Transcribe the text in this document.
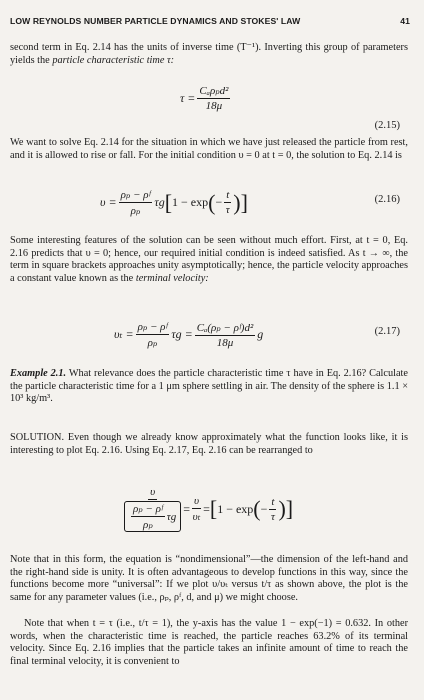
LOW REYNOLDS NUMBER PARTICLE DYNAMICS AND STOKES' LAW	41
second term in Eq. 2.14 has the units of inverse time (T⁻¹). Inverting this group of parameters yields the particle characteristic time τ:
$\tau = \frac{\text{Cₐρₚd²}}{18\mu}$
(2.15)
We want to solve Eq. 2.14 for the situation in which we have just released the particle from rest, and it is allowed to rise or fall. For the initial condition υ = 0 at t = 0, the solution to Eq. 2.14 is
$\upsilon = \frac{\text{ρₚ − ρᶠ}}{\text{ρₚ}}$ τg [ 1 − exp ( − $\frac{t}{\tau}$ ) ]	(2.16)
Some interesting features of the solution can be seen without much effort. First, at t = 0, Eq. 2.16 predicts that υ = 0; hence, our required initial condition is indeed satisfied. As t → ∞, the term in square brackets approaches unity asymptotically; hence, the particle velocity approaches a constant value known as the terminal velocity:
$\upsilon_t = \frac{\text{ρₚ − ρᶠ}}{\text{ρₚ}}$ $\tau g = \frac{\text{Cₐ(ρₚ − ρᶠ)d²}}{18\mu}$ g	(2.17)
Example 2.1. What relevance does the particle characteristic time τ have in Eq. 2.16? Calculate the particle characteristic time for a 1 μm sphere settling in air. The density of the sphere is 1.1 × 10³ kg/m³.
SOLUTION. Even though we already know approximately what the function looks like, it is interesting to plot Eq. 2.16. Using Eq. 2.17, Eq. 2.16 can be rearranged to
$\frac{\upsilon}{\frac{\text{ρₚ − ρᶠ}}{\text{ρₚ}} \tau g} = \frac{\upsilon}{\text{υₜ}}$ = [ 1 − exp ( − $\frac{t}{\tau}$ ) ]
Note that in this form, the equation is “nondimensional”—the dimension of the left-hand and the right-hand side is unity. It is often advantageous to develop functions in this way, since the functions become more “universal”: If we plot υ/υₜ versus t/τ as shown above, the plot is the same for any parameter values (i.e., ρₚ, ρᶠ, d, and μ) we might choose.
Note that when t = τ (i.e., t/τ = 1), the y-axis has the value 1 − exp(−1) = 0.632. In other words, when the characteristic time is reached, the particle reaches 63.2% of its terminal velocity. Since Eq. 2.16 implies that the particle takes an infinite amount of time to reach the final terminal velocity, it is convenient to
